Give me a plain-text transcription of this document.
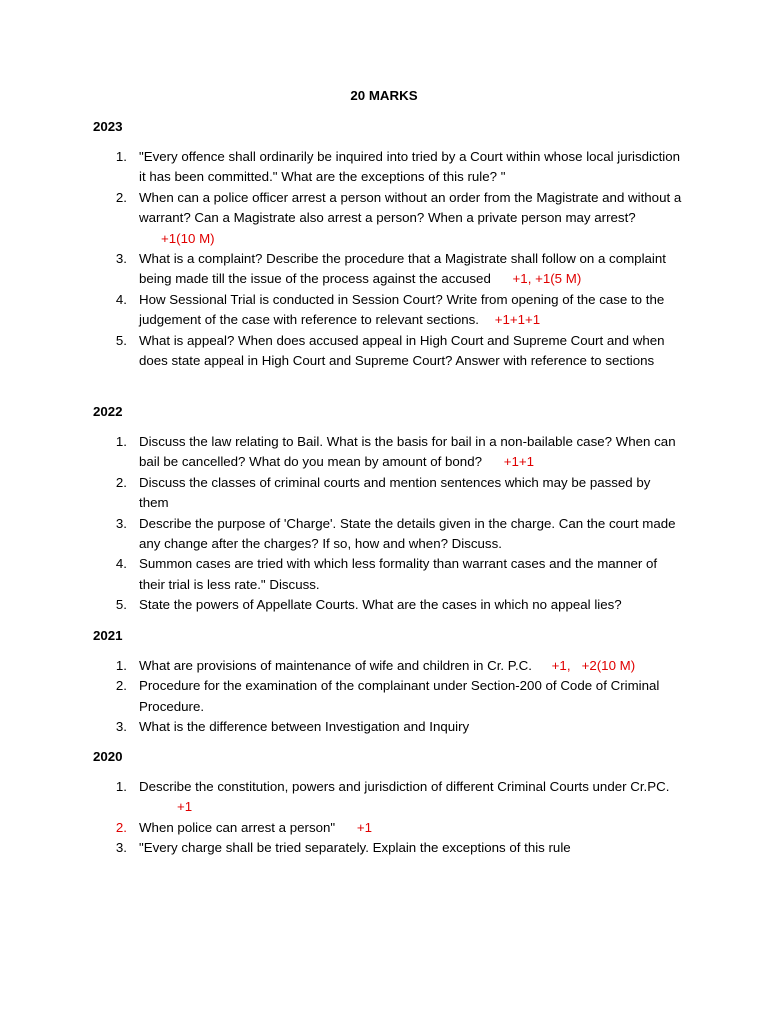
20 MARKS
2023
1. "Every offence shall ordinarily be inquired into tried by a Court within whose local jurisdiction it has been committed." What are the exceptions of this rule? "
2. When can a police officer arrest a person without an order from the Magistrate and without a warrant? Can a Magistrate also arrest a person? When a private person may arrest? +1(10 M)
3. What is a complaint? Describe the procedure that a Magistrate shall follow on a complaint being made till the issue of the process against the accused +1, +1(5 M)
4. How Sessional Trial is conducted in Session Court? Write from opening of the case to the judgement of the case with reference to relevant sections. +1+1+1
5. What is appeal? When does accused appeal in High Court and Supreme Court and when does state appeal in High Court and Supreme Court? Answer with reference to sections
2022
1. Discuss the law relating to Bail. What is the basis for bail in a non-bailable case? When can bail be cancelled? What do you mean by amount of bond? +1+1
2. Discuss the classes of criminal courts and mention sentences which may be passed by them
3. Describe the purpose of 'Charge'. State the details given in the charge. Can the court made any change after the charges? If so, how and when? Discuss.
4. Summon cases are tried with which less formality than warrant cases and the manner of their trial is less rate." Discuss.
5. State the powers of Appellate Courts. What are the cases in which no appeal lies?
2021
1. What are provisions of maintenance of wife and children in Cr. P.C. +1,   +2(10 M)
2. Procedure for the examination of the complainant under Section-200 of Code of Criminal Procedure.
3. What is the difference between Investigation and Inquiry
2020
1. Describe the constitution, powers and jurisdiction of different Criminal Courts under Cr.PC. +1
2. When police can arrest a person" +1
3. "Every charge shall be tried separately. Explain the exceptions of this rule
